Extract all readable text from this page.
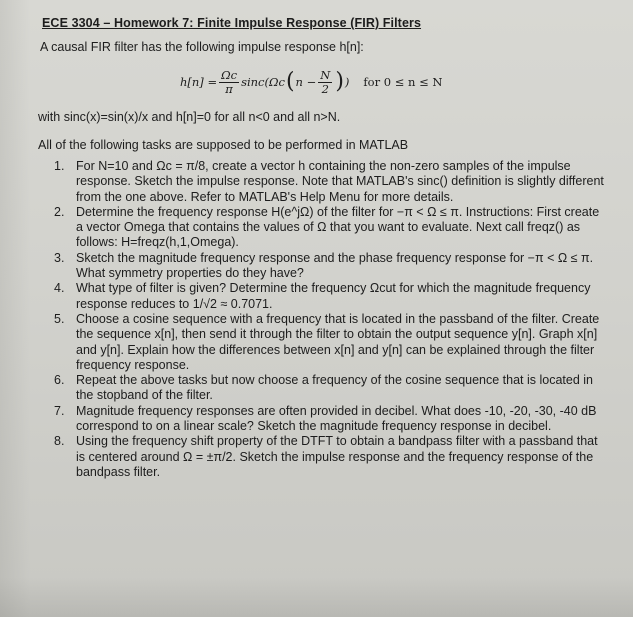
ECE 3304 – Homework 7: Finite Impulse Response (FIR) Filters
A causal FIR filter has the following impulse response h[n]:
$h[n] = \frac{\Omega c}{\pi} \sin c(\Omega c$ ( $n - \frac{N}{2}$ ) ) for 0 ≤ n ≤ N
with sinc(x)=sin(x)/x and h[n]=0 for all n<0 and all n>N.
All of the following tasks are supposed to be performed in MATLAB
1. For N=10 and Ωc = π/8, create a vector h containing the non-zero samples of the impulse response. Sketch the impulse response. Note that MATLAB's sinc() definition is slightly different from the one above. Refer to MATLAB's Help Menu for more details.
2. Determine the frequency response H(e^jΩ) of the filter for −π < Ω ≤ π. Instructions: First create a vector Omega that contains the values of Ω that you want to evaluate. Next call freqz() as follows: H=freqz(h,1,Omega).
3. Sketch the magnitude frequency response and the phase frequency response for −π < Ω ≤ π. What symmetry properties do they have?
4. What type of filter is given? Determine the frequency Ωcut for which the magnitude frequency response reduces to 1/√2 ≈ 0.7071.
5. Choose a cosine sequence with a frequency that is located in the passband of the filter. Create the sequence x[n], then send it through the filter to obtain the output sequence y[n]. Graph x[n] and y[n]. Explain how the differences between x[n] and y[n] can be explained through the filter frequency response.
6. Repeat the above tasks but now choose a frequency of the cosine sequence that is located in the stopband of the filter.
7. Magnitude frequency responses are often provided in decibel. What does -10, -20, -30, -40 dB correspond to on a linear scale? Sketch the magnitude frequency response in decibel.
8. Using the frequency shift property of the DTFT to obtain a bandpass filter with a passband that is centered around Ω = ±π/2. Sketch the impulse response and the frequency response of the bandpass filter.
